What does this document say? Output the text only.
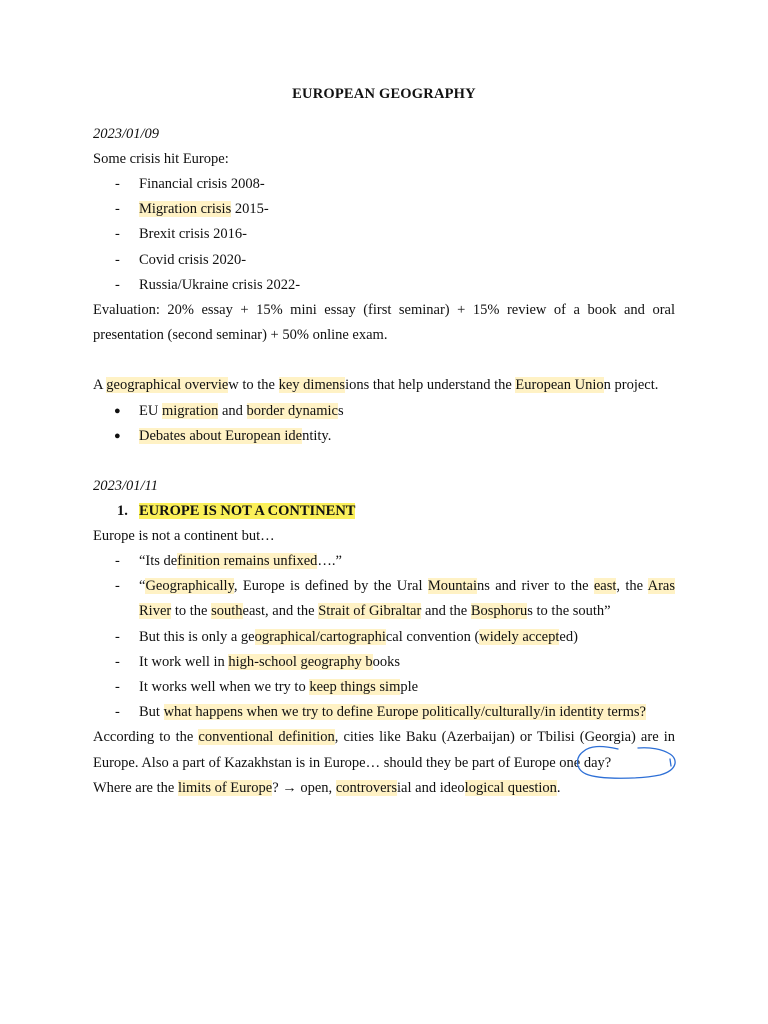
EUROPEAN GEOGRAPHY
2023/01/09
Some crisis hit Europe:
- Financial crisis 2008-
- Migration crisis 2015-
- Brexit crisis 2016-
- Covid crisis 2020-
- Russia/Ukraine crisis 2022-
Evaluation: 20% essay + 15% mini essay (first seminar) + 15% review of a book and oral presentation (second seminar) + 50% online exam.
A geographical overview to the key dimensions that help understand the European Union project.
● EU migration and border dynamics
● Debates about European identity.
2023/01/11
1. EUROPE IS NOT A CONTINENT
Europe is not a continent but…
- “Its definition remains unfixed….”
- “Geographically, Europe is defined by the Ural Mountains and river to the east, the Aras River to the southeast, and the Strait of Gibraltar and the Bosphorus to the south”
- But this is only a geographical/cartographical convention (widely accepted)
- It work well in high-school geography books
- It works well when we try to keep things simple
- But what happens when we try to define Europe politically/culturally/in identity terms?
According to the conventional definition, cities like Baku (Azerbaijan) or Tbilisi (Georgia) are in Europe. Also a part of Kazakhstan is in Europe… should they be part of Europe one day?
Where are the limits of Europe? → open, controversial and ideological question.
